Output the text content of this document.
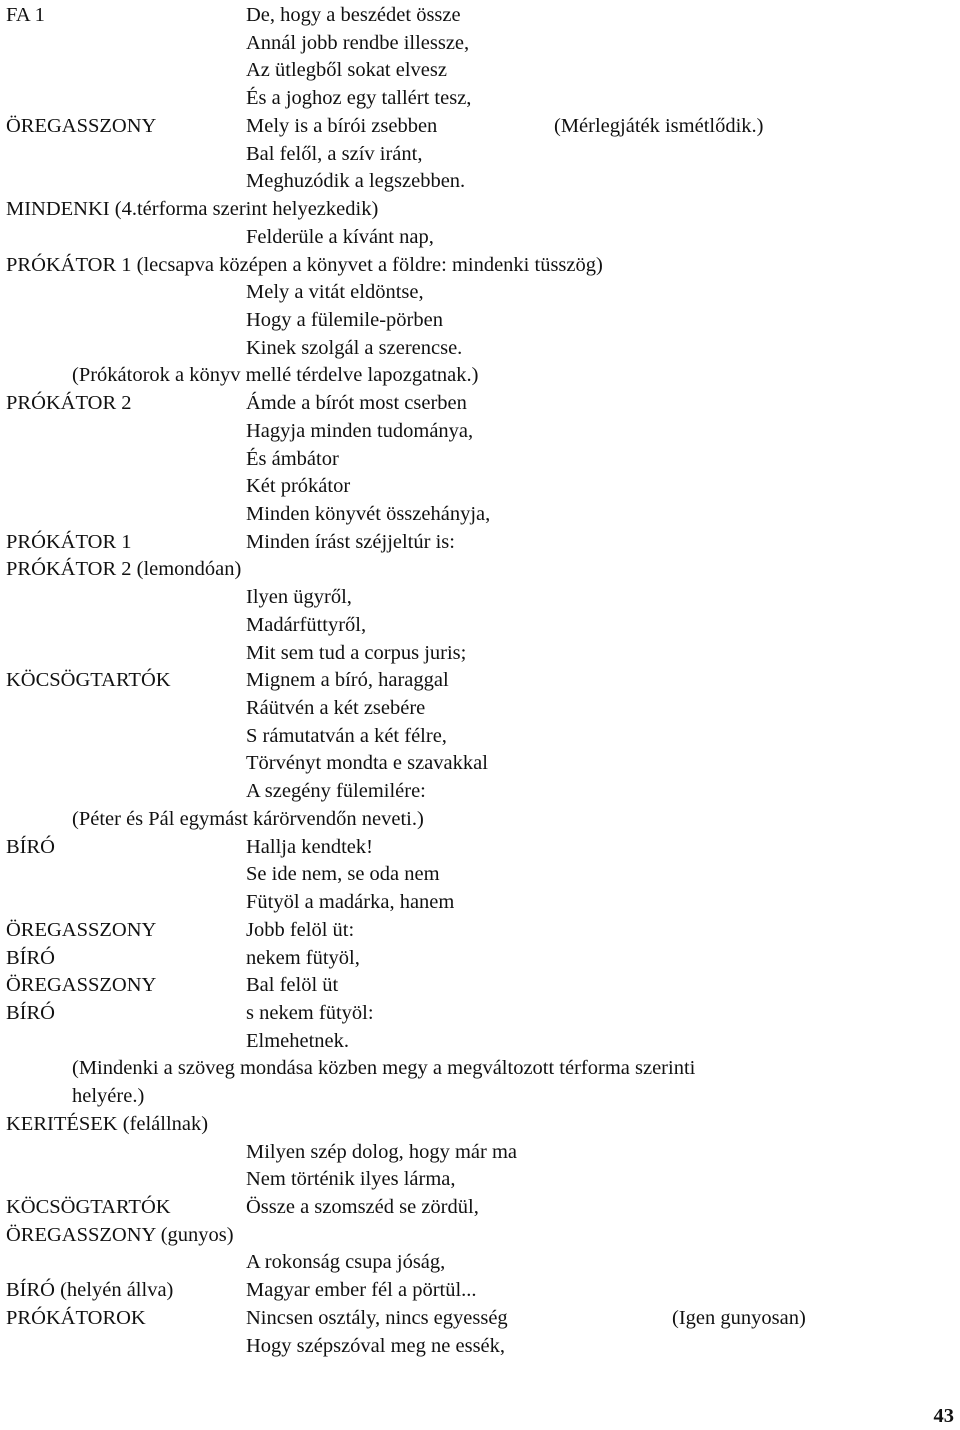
FA 1	De, hogy a beszédet össze
Annál jobb rendbe illessze,
Az ütlegből sokat elvesz
És a joghoz egy tallért tesz,
ÖREGASSZONY	Mely is a bírói zsebben	(Mérlegjáték ismétlődik.)
Bal felől, a szív iránt,
Meghuzódik a legszebben.
MINDENKI (4.térforma szerint helyezkedik)
Felderüle a kívánt nap,
PRÓKÁTOR 1 (lecsapva középen a könyvet a földre: mindenki tüsszög)
Mely a vitát eldöntse,
Hogy a fülemile-pörben
Kinek szolgál a szerencse.
(Prókátorok a könyv mellé térdelve lapozgatnak.)
PRÓKÁTOR 2	Ámde a bírót most cserben
Hagyja minden tudománya,
És ámbátor
Két prókátor
Minden könyvét összehányja,
PRÓKÁTOR 1	Minden írást széjjeltúr is:
PRÓKÁTOR 2 (lemondóan)
Ilyen ügyről,
Madárfüttyről,
Mit sem tud a corpus juris;
KÖCSÖGTARTÓK	Mignem a bíró, haraggal
Ráütvén a két zsebére
S rámutatván a két félre,
Törvényt mondta e szavakkal
A szegény fülemilére:
(Péter és Pál egymást kárörvendőn neveti.)
BÍRÓ	Hallja kendtek!
Se ide nem, se oda nem
Fütyöl a madárka, hanem
ÖREGASSZONY	Jobb felöl üt:
BÍRÓ	nekem fütyöl,
ÖREGASSZONY	Bal felöl üt
BÍRÓ	s nekem fütyöl:
Elmehetnek.
(Mindenki a szöveg mondása közben megy a megváltozott térforma szerinti
helyére.)
KERITÉSEK (felállnak)
Milyen szép dolog, hogy már ma
Nem történik ilyes lárma,
KÖCSÖGTARTÓK	Össze a szomszéd se zördül,
ÖREGASSZONY (gunyos)
A rokonság csupa jóság,
BÍRÓ (helyén állva)	Magyar ember fél a pörtül...
PRÓKÁTOROK	Nincsen osztály, nincs egyesség	(Igen gunyosan)
Hogy szépszóval meg ne essék,
43
